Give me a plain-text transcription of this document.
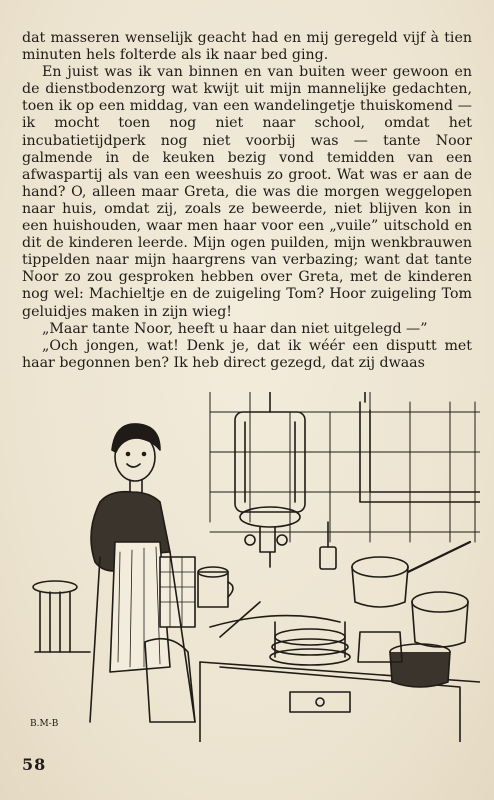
dat masseren wenselijk geacht had en mij geregeld vijf à tien minuten hels folterde als ik naar bed ging.

En juist was ik van binnen en van buiten weer gewoon en de dienstbodenzorg wat kwijt uit mijn mannelijke gedachten, toen ik op een middag, van een wandelingetje thuiskomend — ik mocht toen nog niet naar school, omdat het incubatietijdperk nog niet voorbij was — tante Noor galmende in de keuken bezig vond temidden van een afwaspartij als van een weeshuis zo groot. Wat was er aan de hand? O, alleen maar Greta, die was die morgen weggelopen naar huis, omdat zij, zoals ze beweerde, niet blijven kon in een huishouden, waar men haar voor een „vuile” uitschold en dit de kinderen leerde. Mijn ogen puilden, mijn wenkbrauwen tippelden naar mijn haargrens van verbazing; want dat tante Noor zo zou gesproken hebben over Greta, met de kinderen nog wel: Machieltje en de zuigeling Tom? Hoor zuigeling Tom geluidjes maken in zijn wieg!

„Maar tante Noor, heeft u haar dan niet uitgelegd —”

„Och jongen, wat! Denk je, dat ik wéér een disputt met haar begonnen ben? Ik heb direct gezegd, dat zij dwaas

B.M-B
58
